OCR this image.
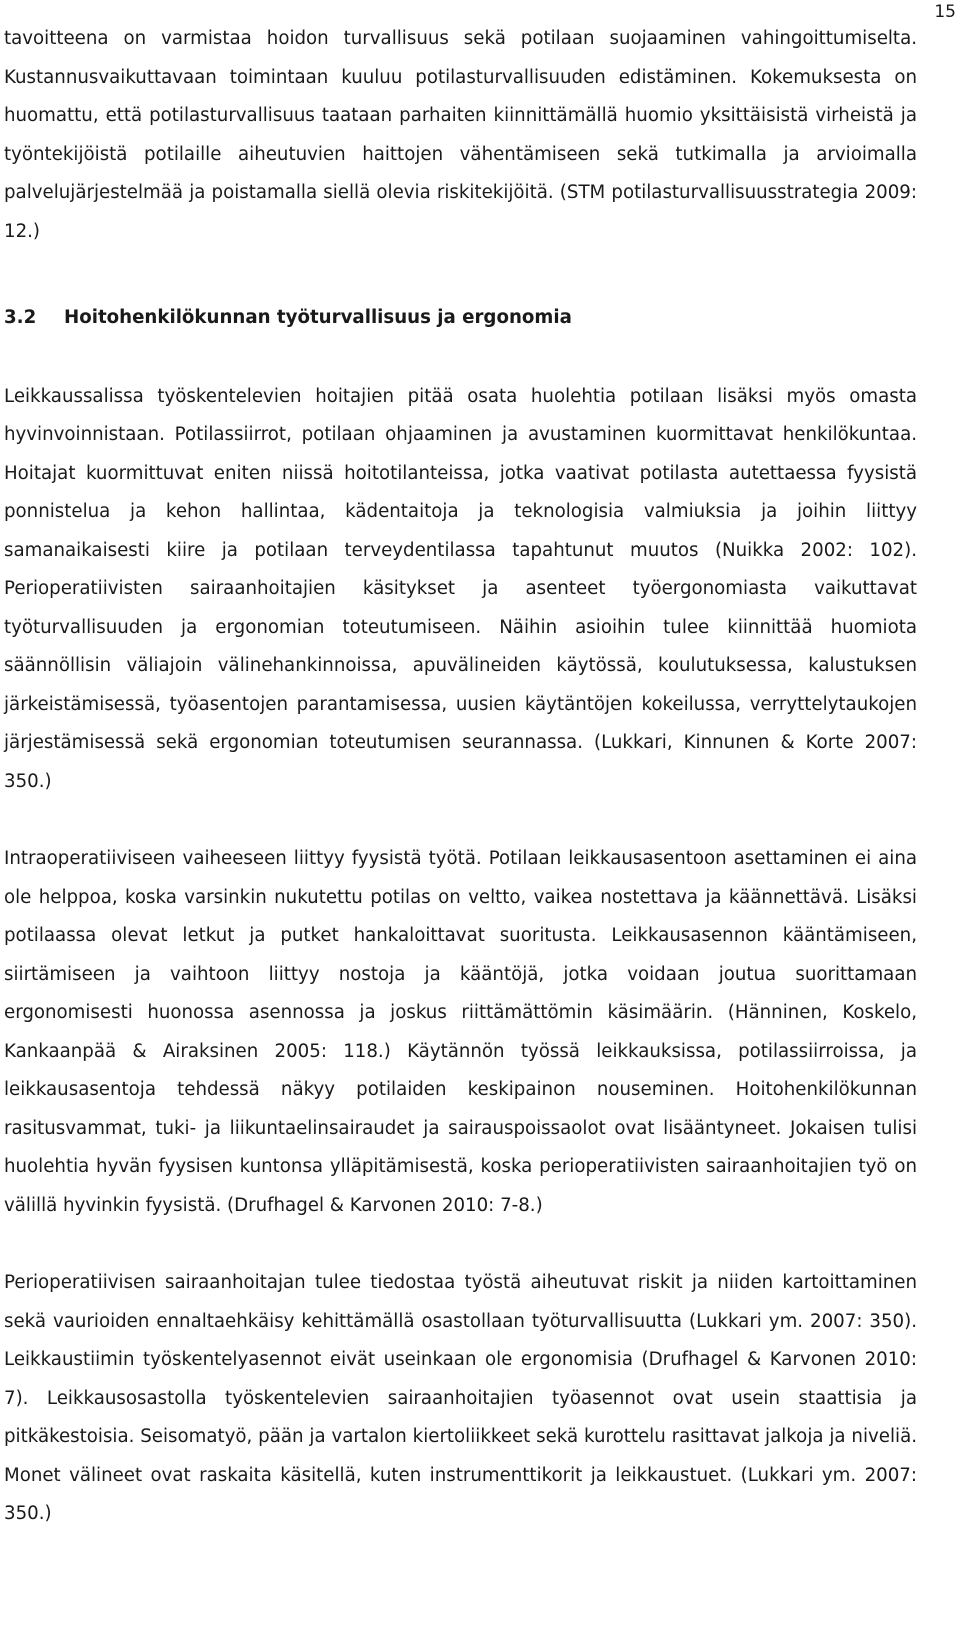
15

tavoitteena on varmistaa hoidon turvallisuus sekä potilaan suojaaminen vahingoittumiselta. Kustannusvaikuttavaan toimintaan kuuluu potilasturvallisuuden edistäminen. Kokemuksesta on huomattu, että potilasturvallisuus taataan parhaiten kiinnittämällä huomio yksittäisistä virheistä ja työntekijöistä potilaille aiheutuvien haittojen vähentämiseen sekä tutkimalla ja arvioimalla palvelujärjestelmää ja poistamalla siellä olevia riskitekijöitä. (STM potilasturvallisuusstrategia 2009: 12.)

3.2	Hoitohenkilökunnan työturvallisuus ja ergonomia

Leikkaussalissa työskentelevien hoitajien pitää osata huolehtia potilaan lisäksi myös omasta hyvinvoinnistaan. Potilassiirrot, potilaan ohjaaminen ja avustaminen kuormittavat henkilökuntaa. Hoitajat kuormittuvat eniten niissä hoitotilanteissa, jotka vaativat potilasta autettaessa fyysistä ponnistelua ja kehon hallintaa, kädentaitoja ja teknologisia valmiuksia ja joihin liittyy samanaikaisesti kiire ja potilaan terveydentilassa tapahtunut muutos (Nuikka 2002: 102). Perioperatiivisten sairaanhoitajien käsitykset ja asenteet työergonomiasta vaikuttavat työturvallisuuden ja ergonomian toteutumiseen. Näihin asioihin tulee kiinnittää huomiota säännöllisin väliajoin välinehankinnoissa, apuvälineiden käytössä, koulutuksessa, kalustuksen järkeistämisessä, työasentojen parantamisessa, uusien käytäntöjen kokeilussa, verryttelytaukojen järjestämisessä sekä ergonomian toteutumisen seurannassa. (Lukkari, Kinnunen & Korte 2007: 350.)

Intraoperatiiviseen vaiheeseen liittyy fyysistä työtä. Potilaan leikkausasentoon asettaminen ei aina ole helppoa, koska varsinkin nukutettu potilas on veltto, vaikea nostettava ja käännettävä. Lisäksi potilaassa olevat letkut ja putket hankaloittavat suoritusta. Leikkausasennon kääntämiseen, siirtämiseen ja vaihtoon liittyy nostoja ja kääntöjä, jotka voidaan joutua suorittamaan ergonomisesti huonossa asennossa ja joskus riittämättömin käsimäärin. (Hänninen, Koskelo, Kankaanpää & Airaksinen 2005: 118.) Käytännön työssä leikkauksissa, potilassiirroissa, ja leikkausasentoja tehdessä näkyy potilaiden keskipainon nouseminen. Hoitohenkilökunnan rasitusvammat, tuki- ja liikuntaelinsairaudet ja sairauspoissaolot ovat lisääntyneet. Jokaisen tulisi huolehtia hyvän fyysisen kuntonsa ylläpitämisestä, koska perioperatiivisten sairaanhoitajien työ on välillä hyvinkin fyysistä. (Drufhagel & Karvonen 2010: 7-8.)

Perioperatiivisen sairaanhoitajan tulee tiedostaa työstä aiheutuvat riskit ja niiden kartoittaminen sekä vaurioiden ennaltaehkäisy kehittämällä osastollaan työturvallisuutta (Lukkari ym. 2007: 350). Leikkaustiimin työskentelyasennot eivät useinkaan ole ergonomisia (Drufhagel & Karvonen 2010: 7). Leikkausosastolla työskentelevien sairaanhoitajien työasennot ovat usein staattisia ja pitkäkestoisia. Seisomatyö, pään ja vartalon kiertoliikkeet sekä kurottelu rasittavat jalkoja ja niveliä. Monet välineet ovat raskaita käsitellä, kuten instrumenttikorit ja leikkaustuet. (Lukkari ym. 2007: 350.)
